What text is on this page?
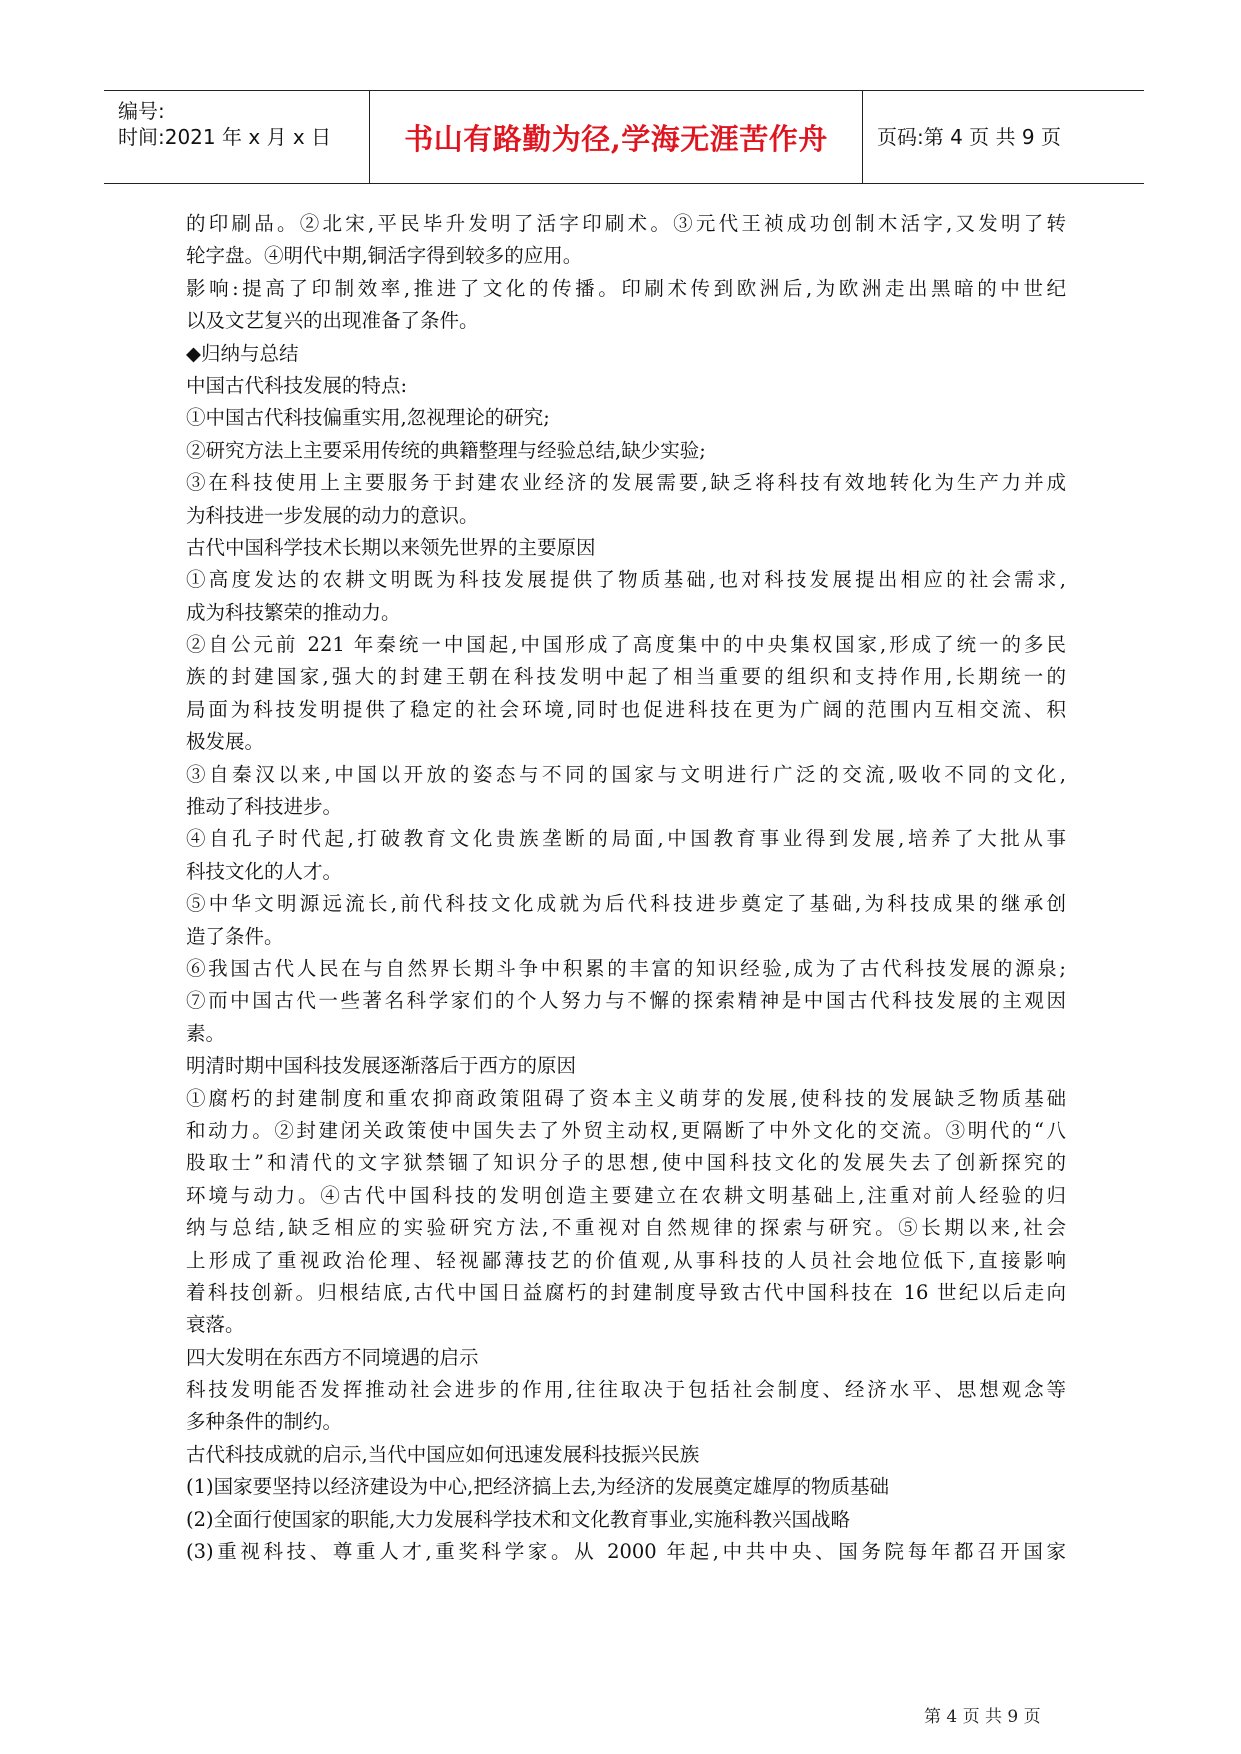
编号:
时间:2021 年 x 月 x 日	书山有路勤为径,学海无涯苦作舟	页码:第 4 页 共 9 页
的印刷品。②北宋,平民毕升发明了活字印刷术。③元代王祯成功创制木活字,又发明了转
轮字盘。④明代中期,铜活字得到较多的应用。
影响:提高了印制效率,推进了文化的传播。印刷术传到欧洲后,为欧洲走出黑暗的中世纪
以及文艺复兴的出现准备了条件。
◆归纳与总结
中国古代科技发展的特点:
①中国古代科技偏重实用,忽视理论的研究;
②研究方法上主要采用传统的典籍整理与经验总结,缺少实验;
③在科技使用上主要服务于封建农业经济的发展需要,缺乏将科技有效地转化为生产力并成
为科技进一步发展的动力的意识。
古代中国科学技术长期以来领先世界的主要原因
①高度发达的农耕文明既为科技发展提供了物质基础,也对科技发展提出相应的社会需求,
成为科技繁荣的推动力。
②自公元前 221 年秦统一中国起,中国形成了高度集中的中央集权国家,形成了统一的多民
族的封建国家,强大的封建王朝在科技发明中起了相当重要的组织和支持作用,长期统一的
局面为科技发明提供了稳定的社会环境,同时也促进科技在更为广阔的范围内互相交流、积
极发展。
③自秦汉以来,中国以开放的姿态与不同的国家与文明进行广泛的交流,吸收不同的文化,
推动了科技进步。
④自孔子时代起,打破教育文化贵族垄断的局面,中国教育事业得到发展,培养了大批从事
科技文化的人才。
⑤中华文明源远流长,前代科技文化成就为后代科技进步奠定了基础,为科技成果的继承创
造了条件。
⑥我国古代人民在与自然界长期斗争中积累的丰富的知识经验,成为了古代科技发展的源泉;
⑦而中国古代一些著名科学家们的个人努力与不懈的探索精神是中国古代科技发展的主观因
素。
明清时期中国科技发展逐渐落后于西方的原因
①腐朽的封建制度和重农抑商政策阻碍了资本主义萌芽的发展,使科技的发展缺乏物质基础
和动力。②封建闭关政策使中国失去了外贸主动权,更隔断了中外文化的交流。③明代的“八
股取士”和清代的文字狱禁锢了知识分子的思想,使中国科技文化的发展失去了创新探究的
环境与动力。④古代中国科技的发明创造主要建立在农耕文明基础上,注重对前人经验的归
纳与总结,缺乏相应的实验研究方法,不重视对自然规律的探索与研究。⑤长期以来,社会
上形成了重视政治伦理、轻视鄙薄技艺的价值观,从事科技的人员社会地位低下,直接影响
着科技创新。归根结底,古代中国日益腐朽的封建制度导致古代中国科技在 16 世纪以后走向
衰落。
四大发明在东西方不同境遇的启示
科技发明能否发挥推动社会进步的作用,往往取决于包括社会制度、经济水平、思想观念等
多种条件的制约。
古代科技成就的启示,当代中国应如何迅速发展科技振兴民族
(1)国家要坚持以经济建设为中心,把经济搞上去,为经济的发展奠定雄厚的物质基础
(2)全面行使国家的职能,大力发展科学技术和文化教育事业,实施科教兴国战略
(3)重视科技、尊重人才,重奖科学家。从 2000 年起,中共中央、国务院每年都召开国家
第 4 页 共 9 页
